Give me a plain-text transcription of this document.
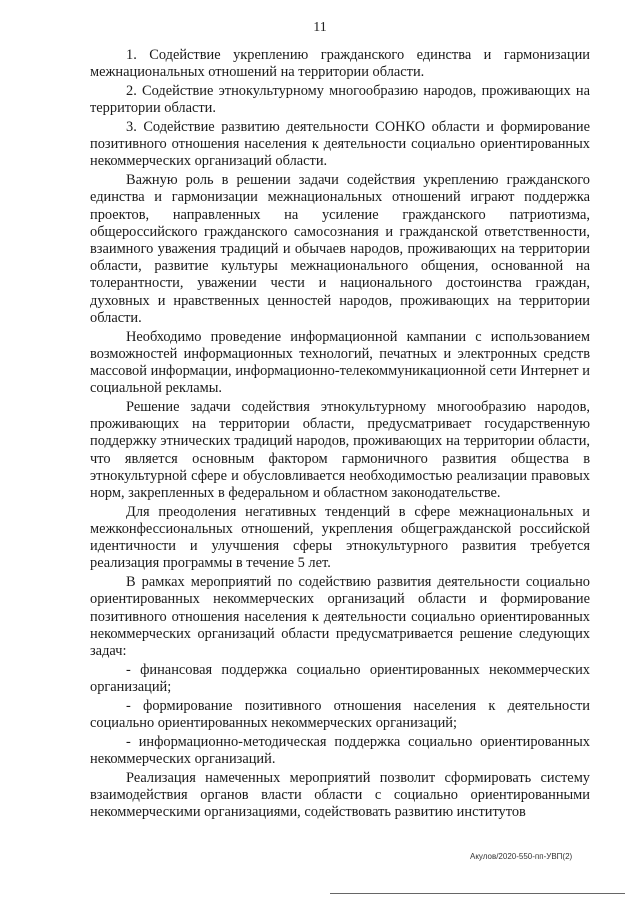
11

1. Содействие укреплению гражданского единства и гармонизации межнациональных отношений на территории области.

2. Содействие этнокультурному многообразию народов, проживающих на территории области.

3. Содействие развитию деятельности СОНКО области и формирование позитивного отношения населения к деятельности социально ориентированных некоммерческих организаций области.

Важную роль в решении задачи содействия укреплению гражданского единства и гармонизации межнациональных отношений играют поддержка проектов, направленных на усиление гражданского патриотизма, общероссийского гражданского самосознания и гражданской ответственности, взаимного уважения традиций и обычаев народов, проживающих на территории области, развитие культуры межнационального общения, основанной на толерантности, уважении чести и национального достоинства граждан, духовных и нравственных ценностей народов, проживающих на территории области.

Необходимо проведение информационной кампании с использованием возможностей информационных технологий, печатных и электронных средств массовой информации, информационно-телекоммуникационной сети Интернет и социальной рекламы.

Решение задачи содействия этнокультурному многообразию народов, проживающих на территории области, предусматривает государственную поддержку этнических традиций народов, проживающих на территории области, что является основным фактором гармоничного развития общества в этнокультурной сфере и обусловливается необходимостью реализации правовых норм, закрепленных в федеральном и областном законодательстве.

Для преодоления негативных тенденций в сфере межнациональных и межконфессиональных отношений, укрепления общегражданской российской идентичности и улучшения сферы этнокультурного развития требуется реализация программы в течение 5 лет.

В рамках мероприятий по содействию развития деятельности социально ориентированных некоммерческих организаций области и формирование позитивного отношения населения к деятельности социально ориентированных некоммерческих организаций области предусматривается решение следующих задач:

- финансовая поддержка социально ориентированных некоммерческих организаций;

- формирование позитивного отношения населения к деятельности социально ориентированных некоммерческих организаций;

- информационно-методическая поддержка социально ориентированных некоммерческих организаций.

Реализация намеченных мероприятий позволит сформировать систему взаимодействия органов власти области с социально ориентированными некоммерческими организациями, содействовать развитию институтов

Акулов/2020-550-пп-УВП(2)
